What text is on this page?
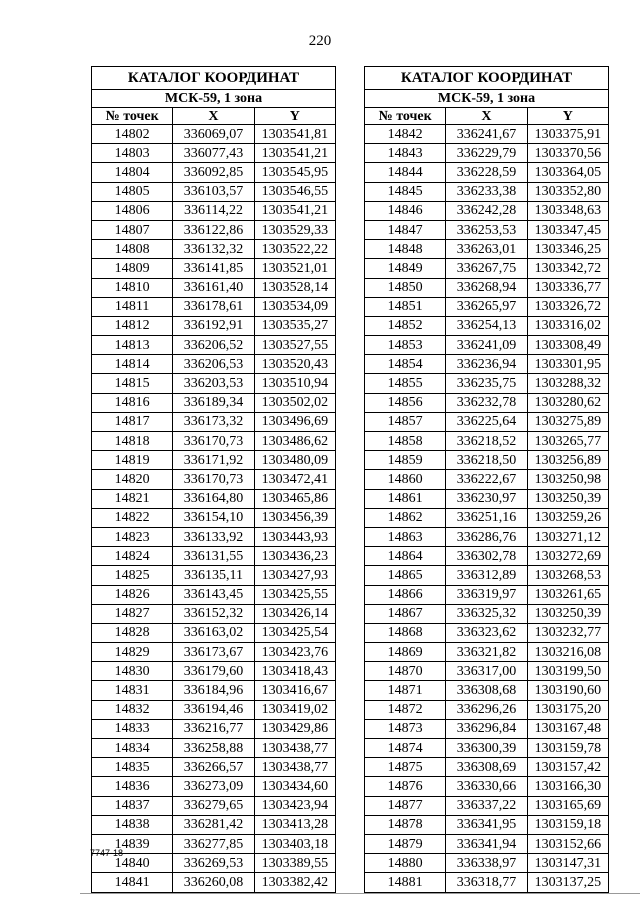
220
КАТАЛОГ КООРДИНАТ		
МСК-59, 1 зона		
№ точек	X	Y
14802	336069,07	1303541,81
14803	336077,43	1303541,21
14804	336092,85	1303545,95
14805	336103,57	1303546,55
14806	336114,22	1303541,21
14807	336122,86	1303529,33
14808	336132,32	1303522,22
14809	336141,85	1303521,01
14810	336161,40	1303528,14
14811	336178,61	1303534,09
14812	336192,91	1303535,27
14813	336206,52	1303527,55
14814	336206,53	1303520,43
14815	336203,53	1303510,94
14816	336189,34	1303502,02
14817	336173,32	1303496,69
14818	336170,73	1303486,62
14819	336171,92	1303480,09
14820	336170,73	1303472,41
14821	336164,80	1303465,86
14822	336154,10	1303456,39
14823	336133,92	1303443,93
14824	336131,55	1303436,23
14825	336135,11	1303427,93
14826	336143,45	1303425,55
14827	336152,32	1303426,14
14828	336163,02	1303425,54
14829	336173,67	1303423,76
14830	336179,60	1303418,43
14831	336184,96	1303416,67
14832	336194,46	1303419,02
14833	336216,77	1303429,86
14834	336258,88	1303438,77
14835	336266,57	1303438,77
14836	336273,09	1303434,60
14837	336279,65	1303423,94
14838	336281,42	1303413,28
14839	336277,85	1303403,18
14840	336269,53	1303389,55
14841	336260,08	1303382,42
КАТАЛОГ КООРДИНАТ		
МСК-59, 1 зона		
№ точек	X	Y
14842	336241,67	1303375,91
14843	336229,79	1303370,56
14844	336228,59	1303364,05
14845	336233,38	1303352,80
14846	336242,28	1303348,63
14847	336253,53	1303347,45
14848	336263,01	1303346,25
14849	336267,75	1303342,72
14850	336268,94	1303336,77
14851	336265,97	1303326,72
14852	336254,13	1303316,02
14853	336241,09	1303308,49
14854	336236,94	1303301,95
14855	336235,75	1303288,32
14856	336232,78	1303280,62
14857	336225,64	1303275,89
14858	336218,52	1303265,77
14859	336218,50	1303256,89
14860	336222,67	1303250,98
14861	336230,97	1303250,39
14862	336251,16	1303259,26
14863	336286,76	1303271,12
14864	336302,78	1303272,69
14865	336312,89	1303268,53
14866	336319,97	1303261,65
14867	336325,32	1303250,39
14868	336323,62	1303232,77
14869	336321,82	1303216,08
14870	336317,00	1303199,50
14871	336308,68	1303190,60
14872	336296,26	1303175,20
14873	336296,84	1303167,48
14874	336300,39	1303159,78
14875	336308,69	1303157,42
14876	336330,66	1303166,30
14877	336337,22	1303165,69
14878	336341,95	1303159,18
14879	336341,94	1303152,66
14880	336338,97	1303147,31
14881	336318,77	1303137,25
7747-18
